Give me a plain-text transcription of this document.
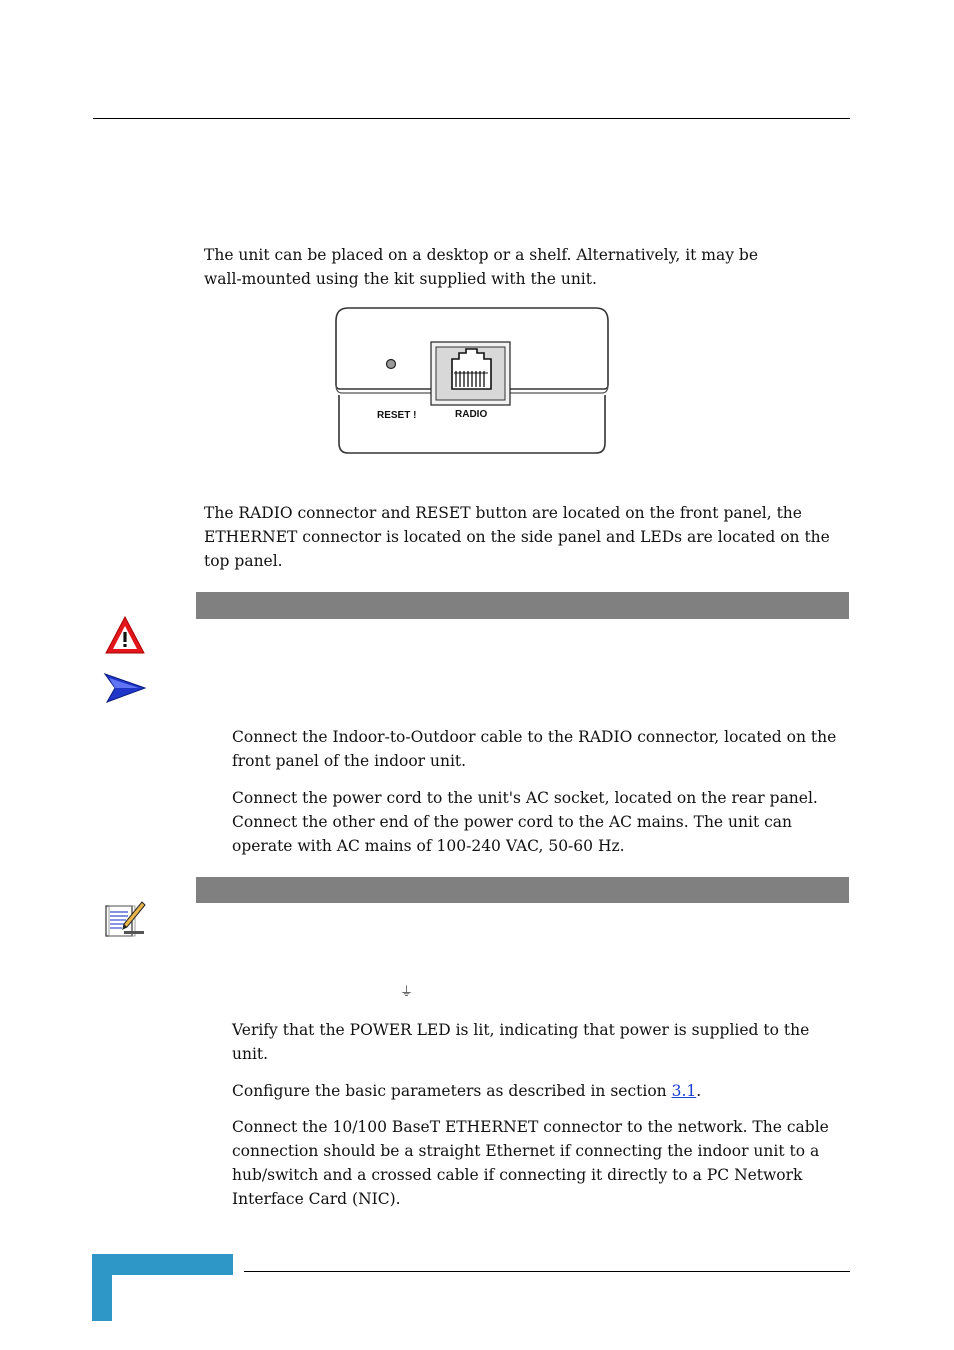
The unit can be placed on a desktop or a shelf. Alternatively, it may be
wall-mounted using the kit supplied with the unit.
RESET !	RADIO
The RADIO connector and RESET button are located on the front panel, the
ETHERNET connector is located on the side panel and LEDs are located on the
top panel.
Connect the Indoor-to-Outdoor cable to the RADIO connector, located on the
front panel of the indoor unit.
Connect the power cord to the unit's AC socket, located on the rear panel.
Connect the other end of the power cord to the AC mains. The unit can
operate with AC mains of 100-240 VAC, 50-60 Hz.
⏚
Verify that the POWER LED is lit, indicating that power is supplied to the
unit.
Configure the basic parameters as described in section 3.1.
Connect the 10/100 BaseT ETHERNET connector to the network. The cable
connection should be a straight Ethernet if connecting the indoor unit to a
hub/switch and a crossed cable if connecting it directly to a PC Network
Interface Card (NIC).
